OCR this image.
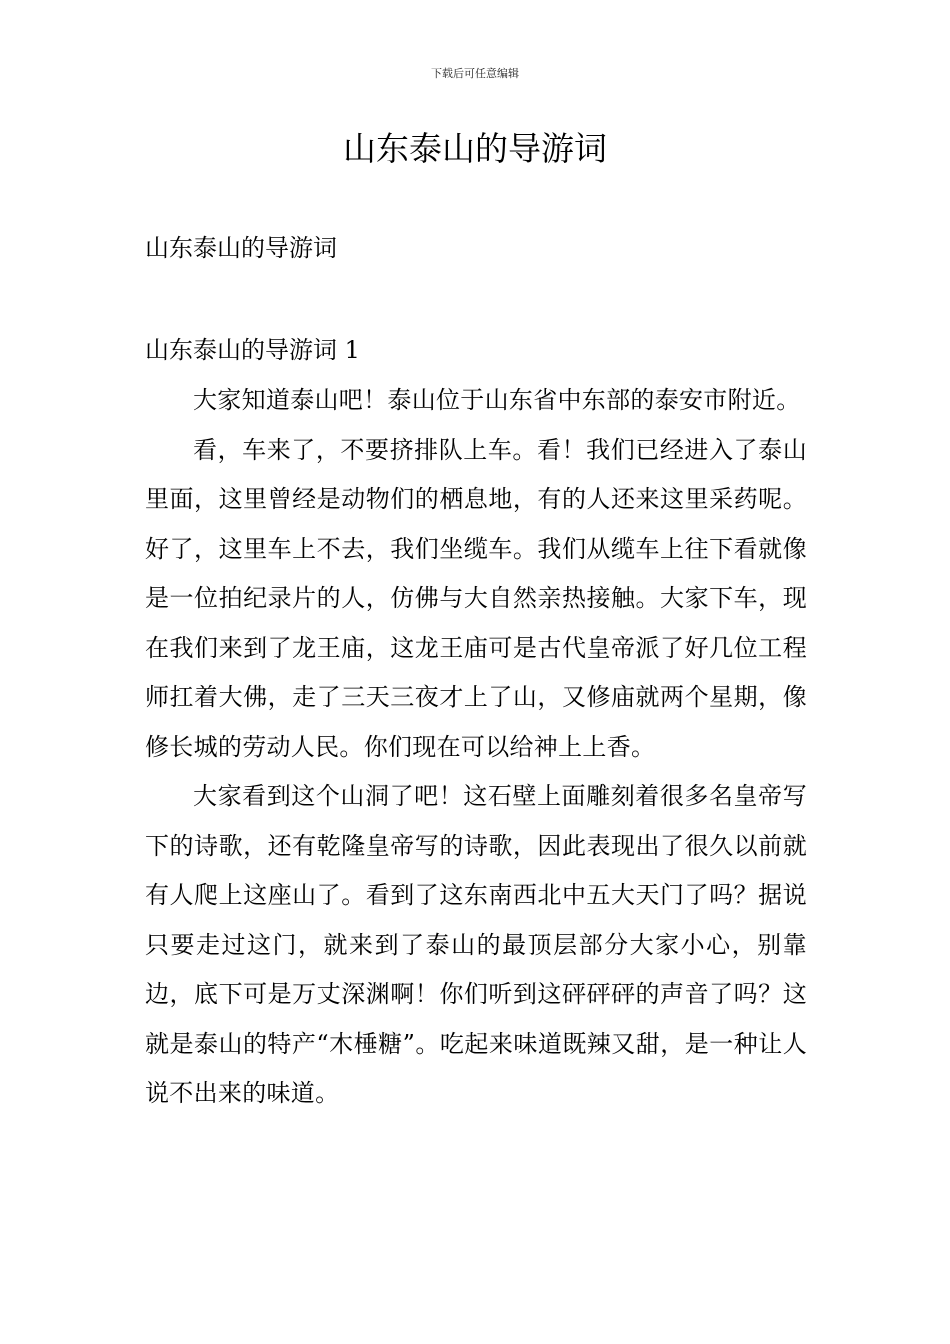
下载后可任意编辑
山东泰山的导游词
山东泰山的导游词
山东泰山的导游词 1

大家知道泰山吧！泰山位于山东省中东部的泰安市附近。

看，车来了，不要挤排队上车。看！我们已经进入了泰山里面，这里曾经是动物们的栖息地，有的人还来这里采药呢。好了，这里车上不去，我们坐缆车。我们从缆车上往下看就像是一位拍纪录片的人，仿佛与大自然亲热接触。大家下车，现在我们来到了龙王庙，这龙王庙可是古代皇帝派了好几位工程师扛着大佛，走了三天三夜才上了山，又修庙就两个星期，像修长城的劳动人民。你们现在可以给神上上香。

大家看到这个山洞了吧！这石壁上面雕刻着很多名皇帝写下的诗歌，还有乾隆皇帝写的诗歌，因此表现出了很久以前就有人爬上这座山了。看到了这东南西北中五大天门了吗？据说只要走过这门，就来到了泰山的最顶层部分大家小心，别靠边，底下可是万丈深渊啊！你们听到这砰砰砰的声音了吗？这就是泰山的特产“木棰糖”。吃起来味道既辣又甜，是一种让人说不出来的味道。
